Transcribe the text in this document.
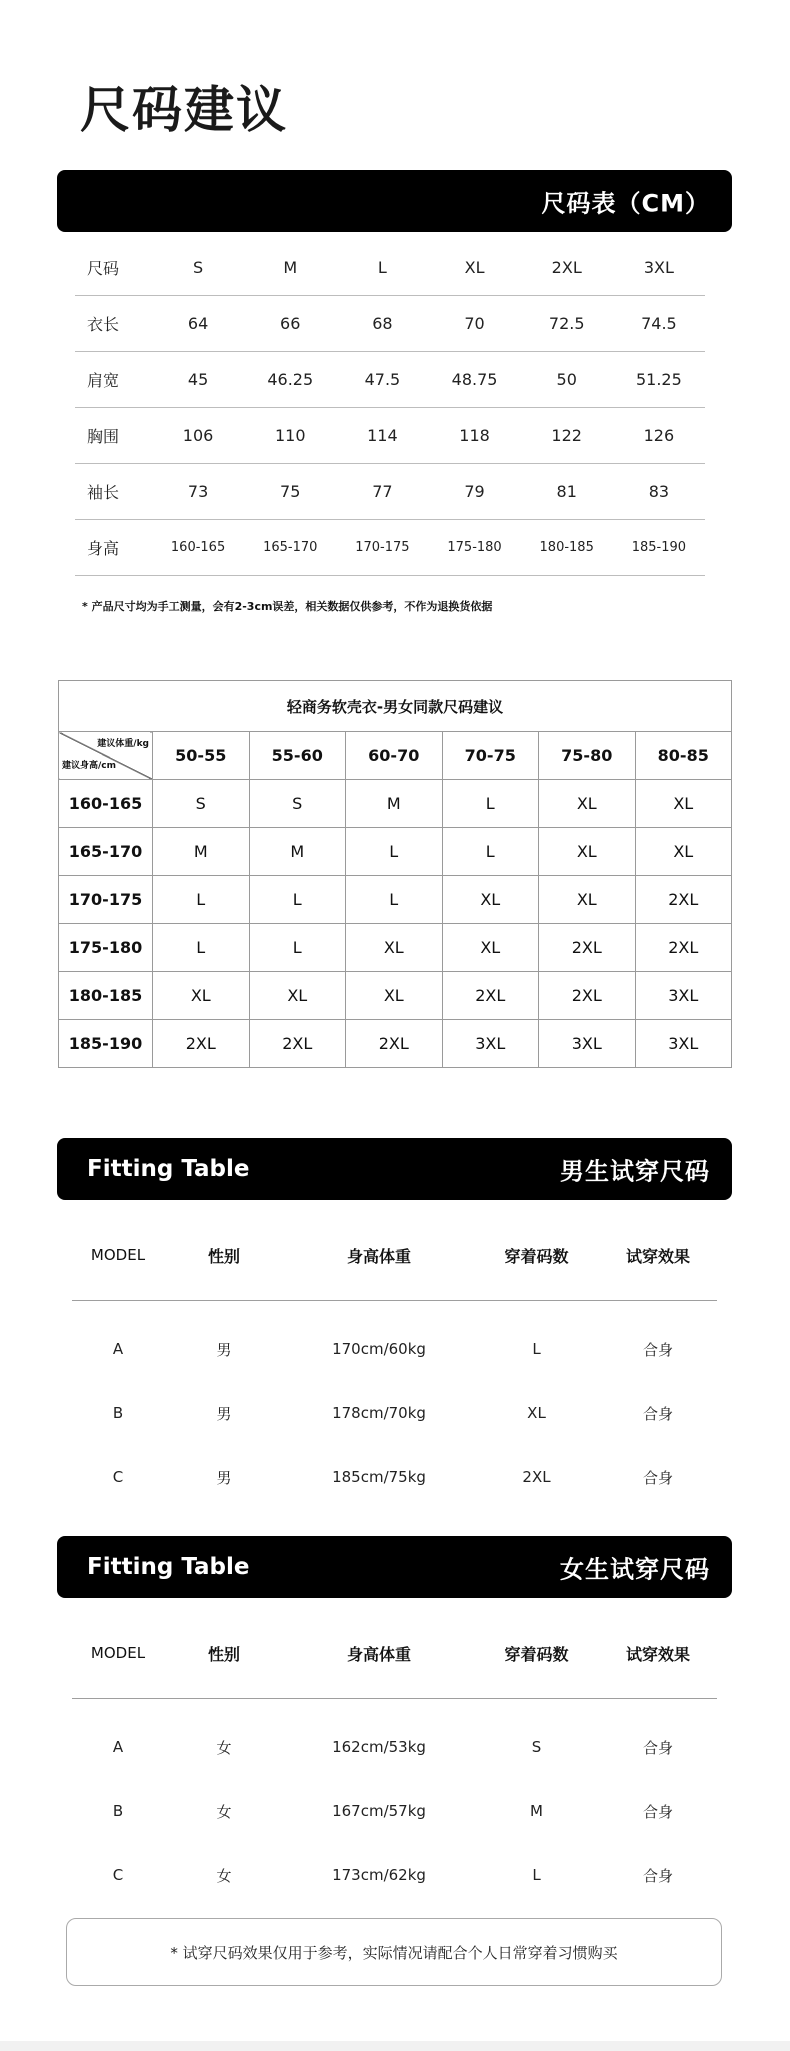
尺码建议
尺码表（CM）
尺码	S	M	L	XL	2XL	3XL
衣长	64	66	68	70	72.5	74.5
肩宽	45	46.25	47.5	48.75	50	51.25
胸围	106	110	114	118	122	126
袖长	73	75	77	79	81	83
身高	160-165	165-170	170-175	175-180	180-185	185-190
* 产品尺寸均为手工测量，会有2-3cm误差，相关数据仅供参考，不作为退换货依据
轻商务软壳衣-男女同款尺码建议						

建议体重/kg
建议身高/cm	50-55	55-60	60-70	70-75	75-80	80-85
160-165	S	S	M	L	XL	XL
165-170	M	M	L	L	XL	XL
170-175	L	L	L	XL	XL	2XL
175-180	L	L	XL	XL	2XL	2XL
180-185	XL	XL	XL	2XL	2XL	3XL
185-190	2XL	2XL	2XL	3XL	3XL	3XL
Fitting Table	男生试穿尺码
MODEL	性别	身高体重	穿着码数	试穿效果
A	男	170cm/60kg	L	合身
B	男	178cm/70kg	XL	合身
C	男	185cm/75kg	2XL	合身
Fitting Table	女生试穿尺码
MODEL	性别	身高体重	穿着码数	试穿效果
A	女	162cm/53kg	S	合身
B	女	167cm/57kg	M	合身
C	女	173cm/62kg	L	合身
* 试穿尺码效果仅用于参考，实际情况请配合个人日常穿着习惯购买
